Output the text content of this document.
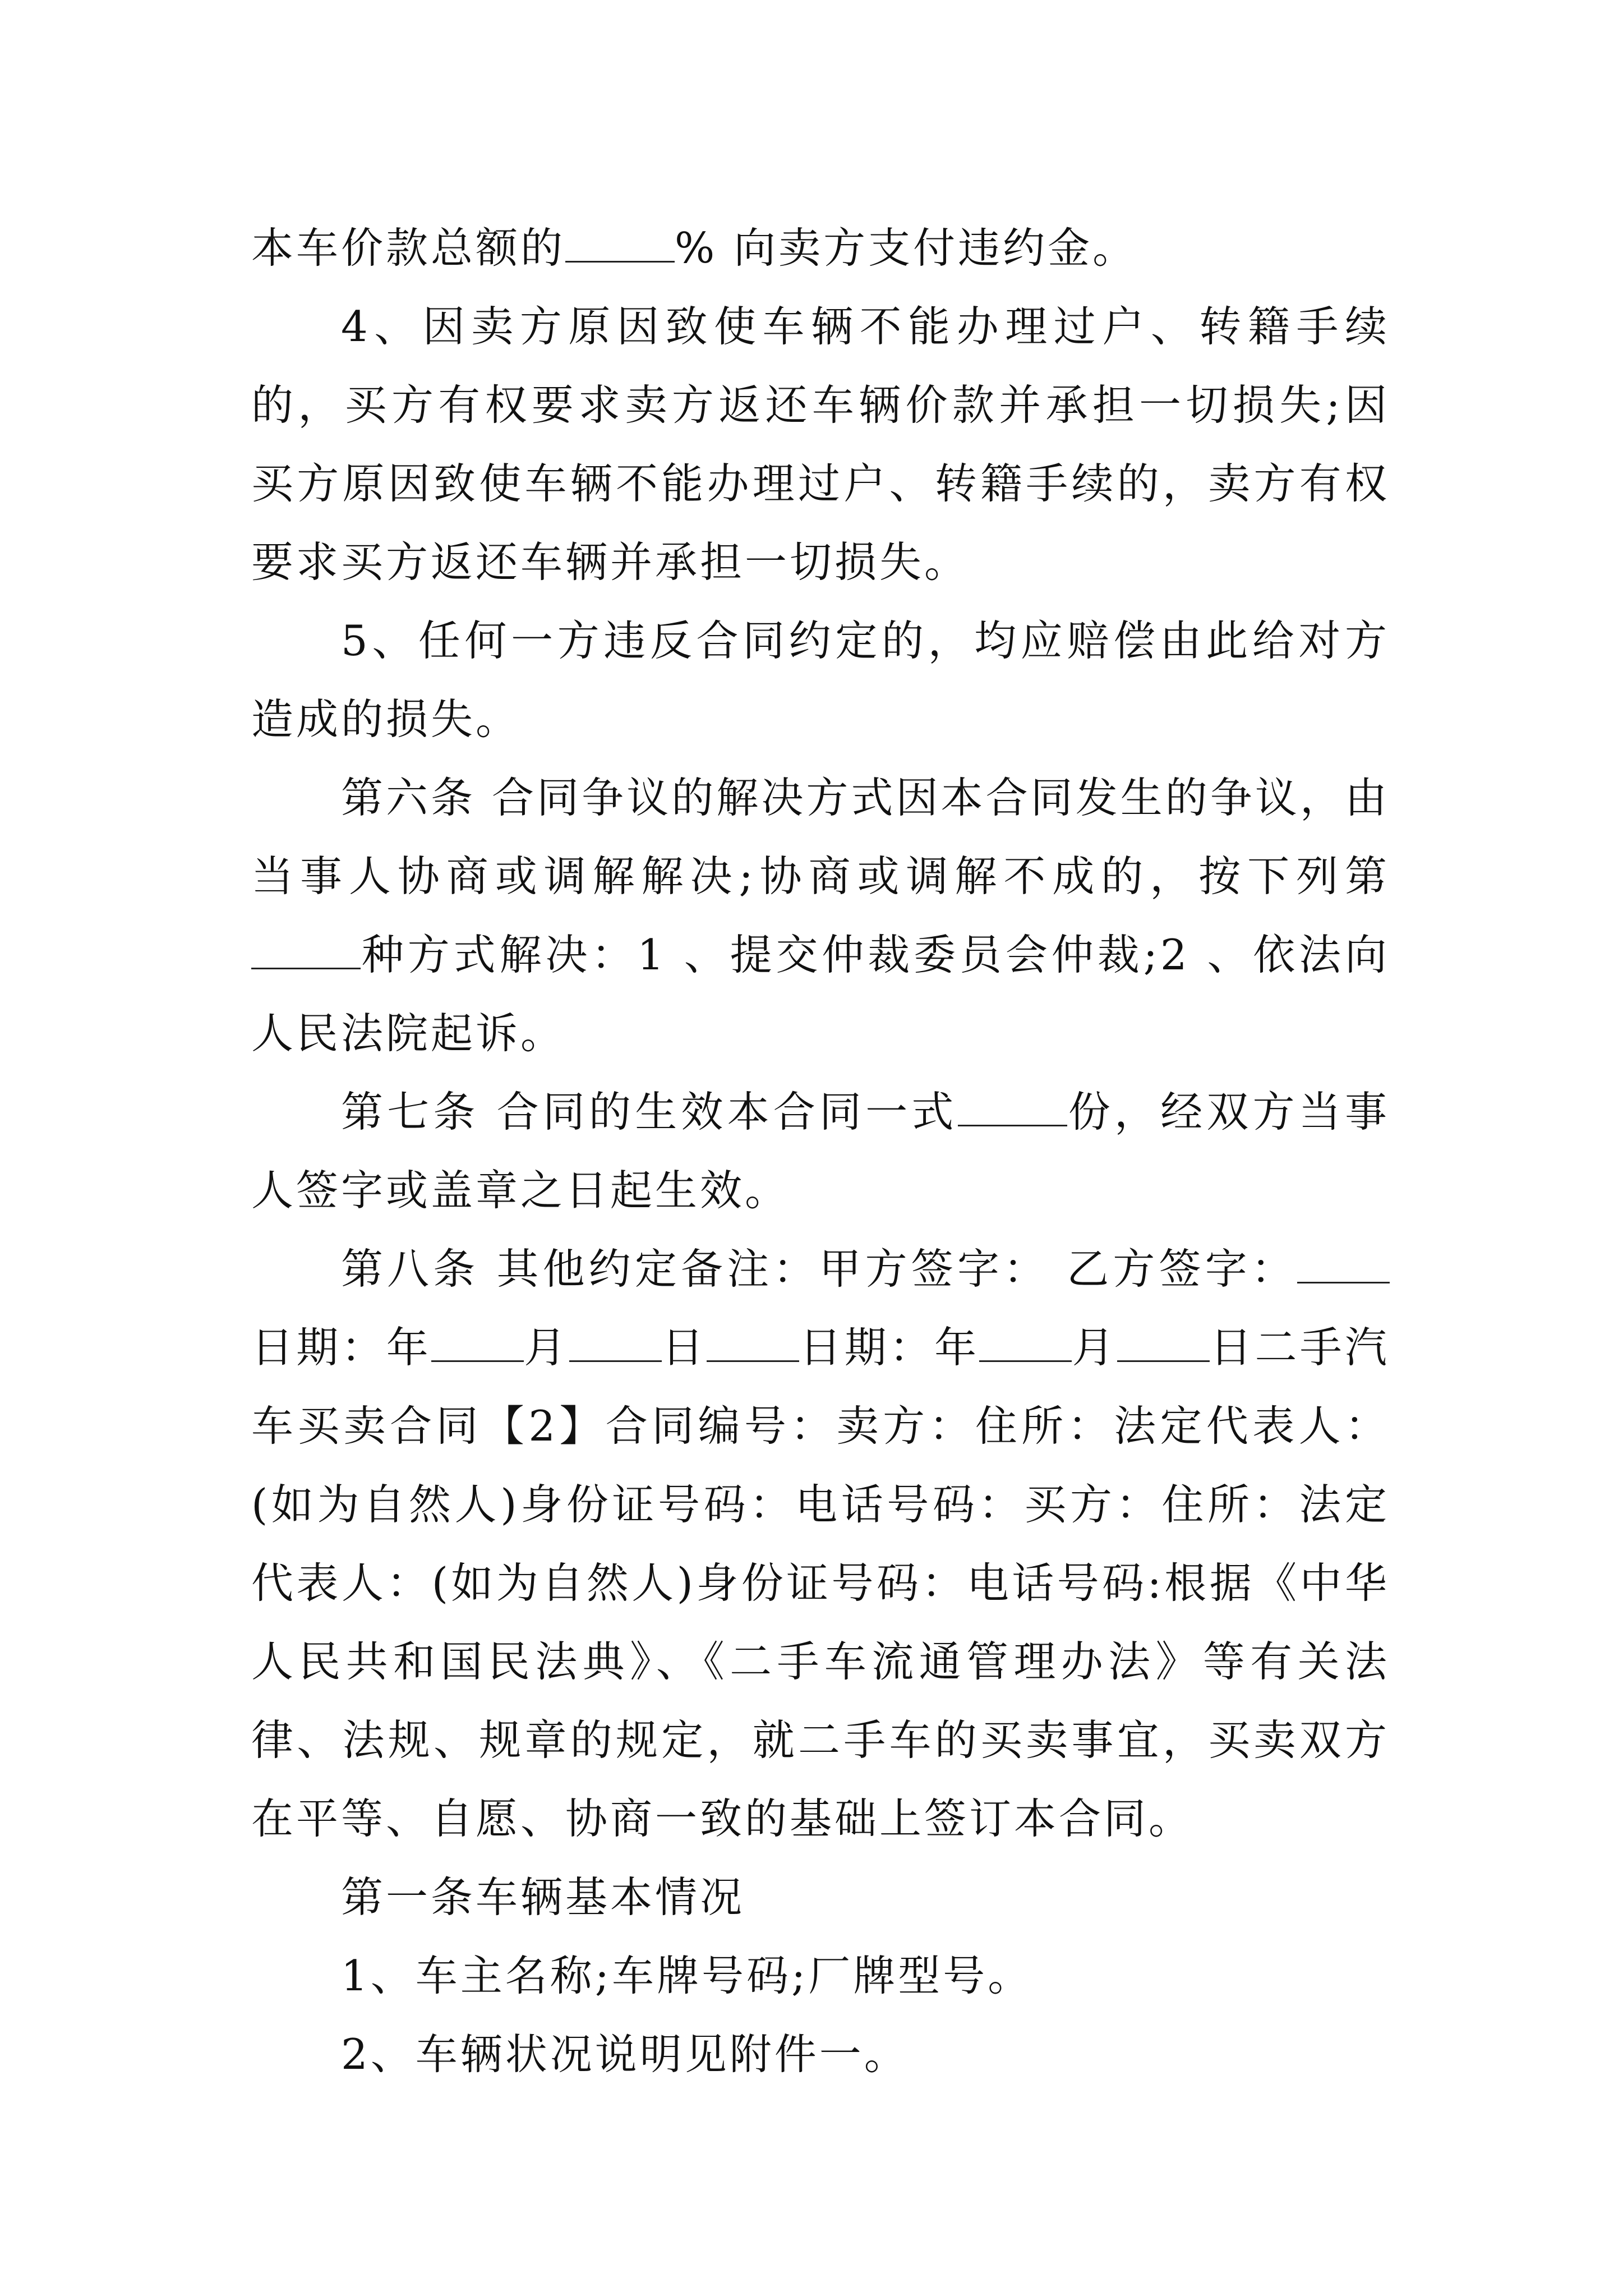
本车价款总额的	% 向卖方支付违约金。

4、因卖方原因致使车辆不能办理过户、转籍手续的，买方有权要求卖方返还车辆价款并承担一切损失;因买方原因致使车辆不能办理过户、转籍手续的，卖方有权要求买方返还车辆并承担一切损失。

5、任何一方违反合同约定的，均应赔偿由此给对方造成的损失。

第六条 合同争议的解决方式因本合同发生的争议，由当事人协商或调解解决;协商或调解不成的，按下列第种方式解决：1 、提交仲裁委员会仲裁;2 、依法向人民法院起诉。

第七条 合同的生效本合同一式	份，经双方当事人签字或盖章之日起生效。

第八条 其他约定备注：甲方签字： 乙方签字：日期：年 月 日 日期：年 月 日二手汽车买卖合同【2】合同编号：卖方：住所：法定代表人：(如为自然人)身份证号码：电话号码：买方：住所：法定代表人：(如为自然人)身份证号码：电话号码:根据《中华人民共和国民法典》、《二手车流通管理办法》等有关法律、法规、规章的规定，就二手车的买卖事宜，买卖双方在平等、自愿、协商一致的基础上签订本合同。

第一条车辆基本情况

1、车主名称;车牌号码;厂牌型号。

2、车辆状况说明见附件一。
